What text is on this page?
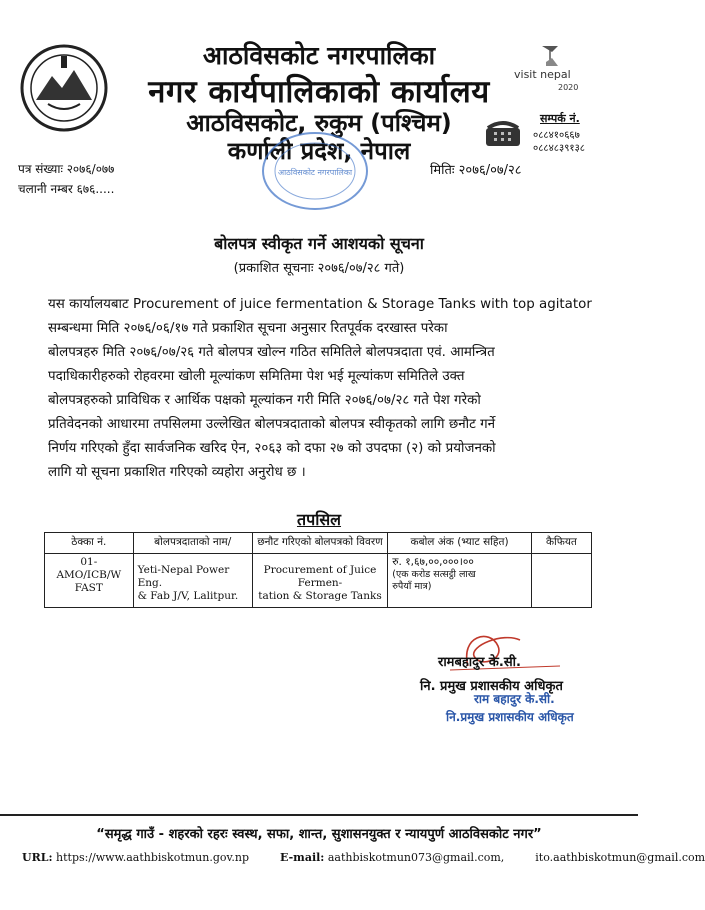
visit nepal
2020
आठविसकोट नगरपालिका
नगर कार्यपालिकाको कार्यालय
आठविसकोट, रुकुम (पश्चिम)
कर्णाली प्रदेश, नेपाल
सम्पर्क नं.
०८८४१०६६७
०८८४८३९१३८
आठविसकोट नगरपालिका
पत्र संख्याः २०७६/०७७
चलानी नम्बर ६७६.....
मितिः २०७६/०७/२८
बोलपत्र स्वीकृत गर्ने आशयको सूचना
(प्रकाशित सूचनाः २०७६/०७/२८ गते)
यस कार्यालयबाट Procurement of juice fermentation & Storage Tanks with top agitator
सम्बन्धमा मिति २०७६/०६/१७ गते प्रकाशित सूचना अनुसार रितपूर्वक दरखास्त परेका
बोलपत्रहरु मिति २०७६/०७/२६ गते बोलपत्र खोल्न गठित समितिले बोलपत्रदाता एवं. आमन्त्रित
पदाधिकारीहरुको रोहवरमा खोली मूल्यांकण समितिमा पेश भई मूल्यांकण समितिले उक्त
बोलपत्रहरुको प्राविधिक र आर्थिक पक्षको मूल्यांकन गरी मिति २०७६/०७/२८ गते पेश गरेको
प्रतिवेदनको आधारमा तपसिलमा उल्लेखित बोलपत्रदाताको बोलपत्र स्वीकृतको लागि छनौट गर्ने
निर्णय गरिएको हुँदा सार्वजनिक खरिद ऐन, २०६३ को दफा २७ को उपदफा (२) को प्रयोजनको
लागि यो सूचना प्रकाशित गरिएको व्यहोरा अनुरोध छ ।
तपसिल
ठेक्का नं.	बोलपत्रदाताको नाम/	छनौट गरिएको बोलपत्रको विवरण	कबोल अंक (भ्याट सहित)	कैफियत

01-
AMO/ICB/W
FAST	Yeti-Nepal Power Eng.
& Fab J/V, Lalitpur.	Procurement of Juice Fermen-
tation & Storage Tanks	रु. १,६७,००,०००।००
(एक करोड सत्सट्ठी लाख
रुपैयाँ मात्र)	

रामबहादुर के.सी.
नि. प्रमुख प्रशासकीय अधिकृत
राम बहादुर के.सी.
नि.प्रमुख प्रशासकीय अधिकृत
“समृद्ध गाउँ - शहरको रहरः स्वस्थ, सफा, शान्त, सुशासनयुक्त र न्यायपुर्ण आठविसकोट नगर”
URL: https://www.aathbiskotmun.gov.np	E-mail: aathbiskotmun073@gmail.com,	ito.aathbiskotmun@gmail.com
